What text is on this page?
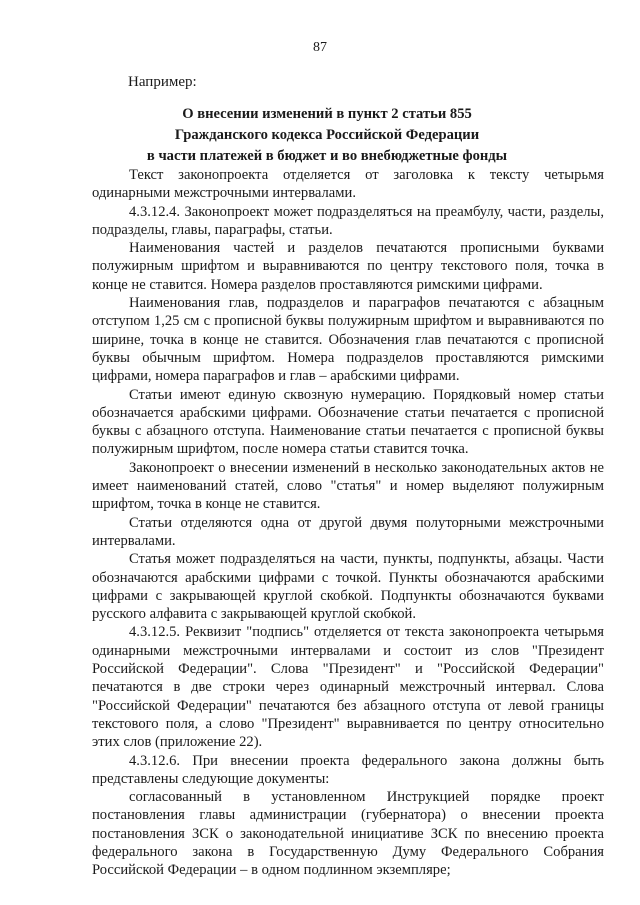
87
Например:
О внесении изменений в пункт 2 статьи 855
Гражданского кодекса Российской Федерации
в части платежей в бюджет и во внебюджетные фонды

Текст законопроекта отделяется от заголовка к тексту четырьмя одинарными межстрочными интервалами.

4.3.12.4. Законопроект может подразделяться на преамбулу, части, разделы, подразделы, главы, параграфы, статьи.

Наименования частей и разделов печатаются прописными буквами полужирным шрифтом и выравниваются по центру текстового поля, точка в конце не ставится. Номера разделов проставляются римскими цифрами.

Наименования глав, подразделов и параграфов печатаются с абзацным отступом 1,25 см с прописной буквы полужирным шрифтом и выравниваются по ширине, точка в конце не ставится. Обозначения глав печатаются с прописной буквы обычным шрифтом. Номера подразделов проставляются римскими цифрами, номера параграфов и глав – арабскими цифрами.

Статьи имеют единую сквозную нумерацию. Порядковый номер статьи обозначается арабскими цифрами. Обозначение статьи печатается с прописной буквы с абзацного отступа. Наименование статьи печатается с прописной буквы полужирным шрифтом, после номера статьи ставится точка.

Законопроект о внесении изменений в несколько законодательных актов не имеет наименований статей, слово "статья" и номер выделяют полужирным шрифтом, точка в конце не ставится.

Статьи отделяются одна от другой двумя полуторными межстрочными интервалами.

Статья может подразделяться на части, пункты, подпункты, абзацы. Части обозначаются арабскими цифрами с точкой. Пункты обозначаются арабскими цифрами с закрывающей круглой скобкой. Подпункты обозначаются буквами русского алфавита с закрывающей круглой скобкой.

4.3.12.5. Реквизит "подпись" отделяется от текста законопроекта четырьмя одинарными межстрочными интервалами и состоит из слов "Президент Российской Федерации". Слова "Президент" и "Российской Федерации" печатаются в две строки через одинарный межстрочный интервал. Слова "Российской Федерации" печатаются без абзацного отступа от левой границы текстового поля, а слово "Президент" выравнивается по центру относительно этих слов (приложение 22).

4.3.12.6. При внесении проекта федерального закона должны быть представлены следующие документы:

согласованный в установленном Инструкцией порядке проект постановления главы администрации (губернатора) о внесении проекта постановления ЗСК о законодательной инициативе ЗСК по внесению проекта федерального закона в Государственную Думу Федерального Собрания Российской Федерации – в одном подлинном экземпляре;
